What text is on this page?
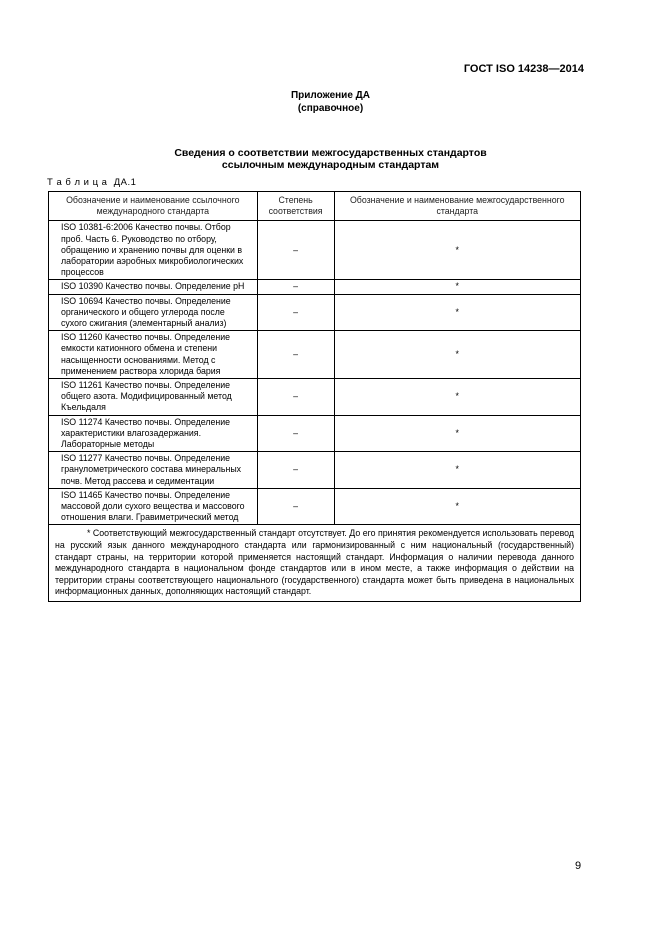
ГОСТ ISO 14238—2014
Приложение ДА
(справочное)
Сведения о соответствии межгосударственных стандартов
ссылочным международным стандартам
Т а б л и ц а  ДА.1
Обозначение и наименование ссылочного международного стандарта	Степень соответствия	Обозначение и наименование межгосударственного стандарта
ISO 10381-6:2006 Качество почвы. Отбор проб. Часть 6. Руководство по отбору, обращению и хранению почвы для оценки в лаборатории аэробных микробиологических процессов	–	*
ISO 10390 Качество почвы. Определение pH	–	*
ISO 10694 Качество почвы. Определение органического и общего углерода после сухого сжигания (элементарный анализ)	–	*
ISO 11260 Качество почвы. Определение емкости катионного обмена и степени насыщенности основаниями. Метод с применением раствора хлорида бария	–	*
ISO 11261 Качество почвы. Определение общего азота. Модифицированный метод Къельдаля	–	*
ISO 11274 Качество почвы. Определение характеристики влагозадержания. Лабораторные методы	–	*
ISO 11277 Качество почвы. Определение гранулометрического состава минеральных почв. Метод рассева и седиментации	–	*
ISO 11465 Качество почвы. Определение массовой доли сухого вещества и массового отношения влаги. Гравиметрический метод	–	*
* Соответствующий межгосударственный стандарт отсутствует. До его принятия рекомендуется использовать перевод на русский язык данного международного стандарта или гармонизированный с ним национальный (государственный) стандарт страны, на территории которой применяется настоящий стандарт. Информация о наличии перевода данного международного стандарта в национальном фонде стандартов или в ином месте, а также информация о действии на территории страны соответствующего национального (государственного) стандарта может быть приведена в национальных информационных данных, дополняющих настоящий стандарт.		
9
